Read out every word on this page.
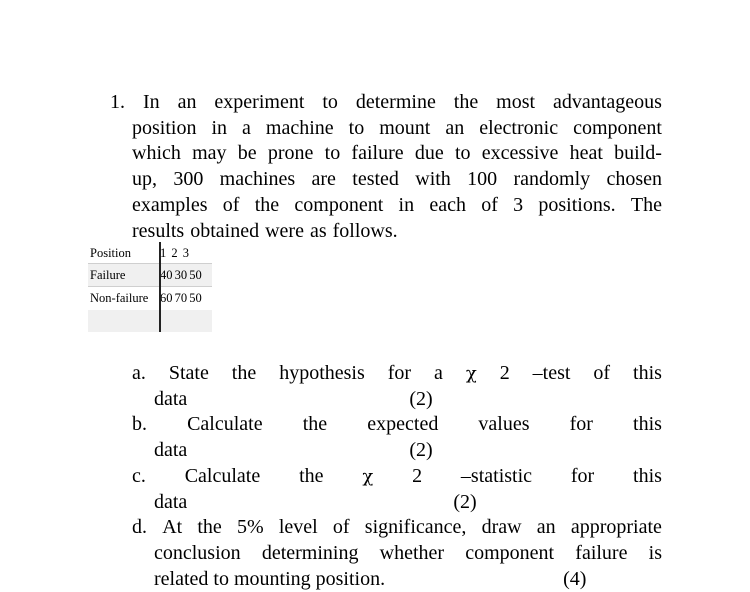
1. In an experiment to determine the most advantageous
position in a machine to mount an electronic component
which may be prone to failure due to excessive heat build-
up, 300 machines are tested with 100 randomly chosen
examples of the component in each of 3 positions. The
results obtained were as follows.
Position	1 2 3
Failure	40 30 50
Non-failure 60 70 50
a. State the hypothesis for a χ 2 –test of this
data	(2)
b. Calculate the expected values for this
data	(2)
c. Calculate the χ 2 –statistic for this
data	(2)
d. At the 5% level of significance, draw an appropriate
conclusion determining whether component failure is
related to mounting position.	(4)
